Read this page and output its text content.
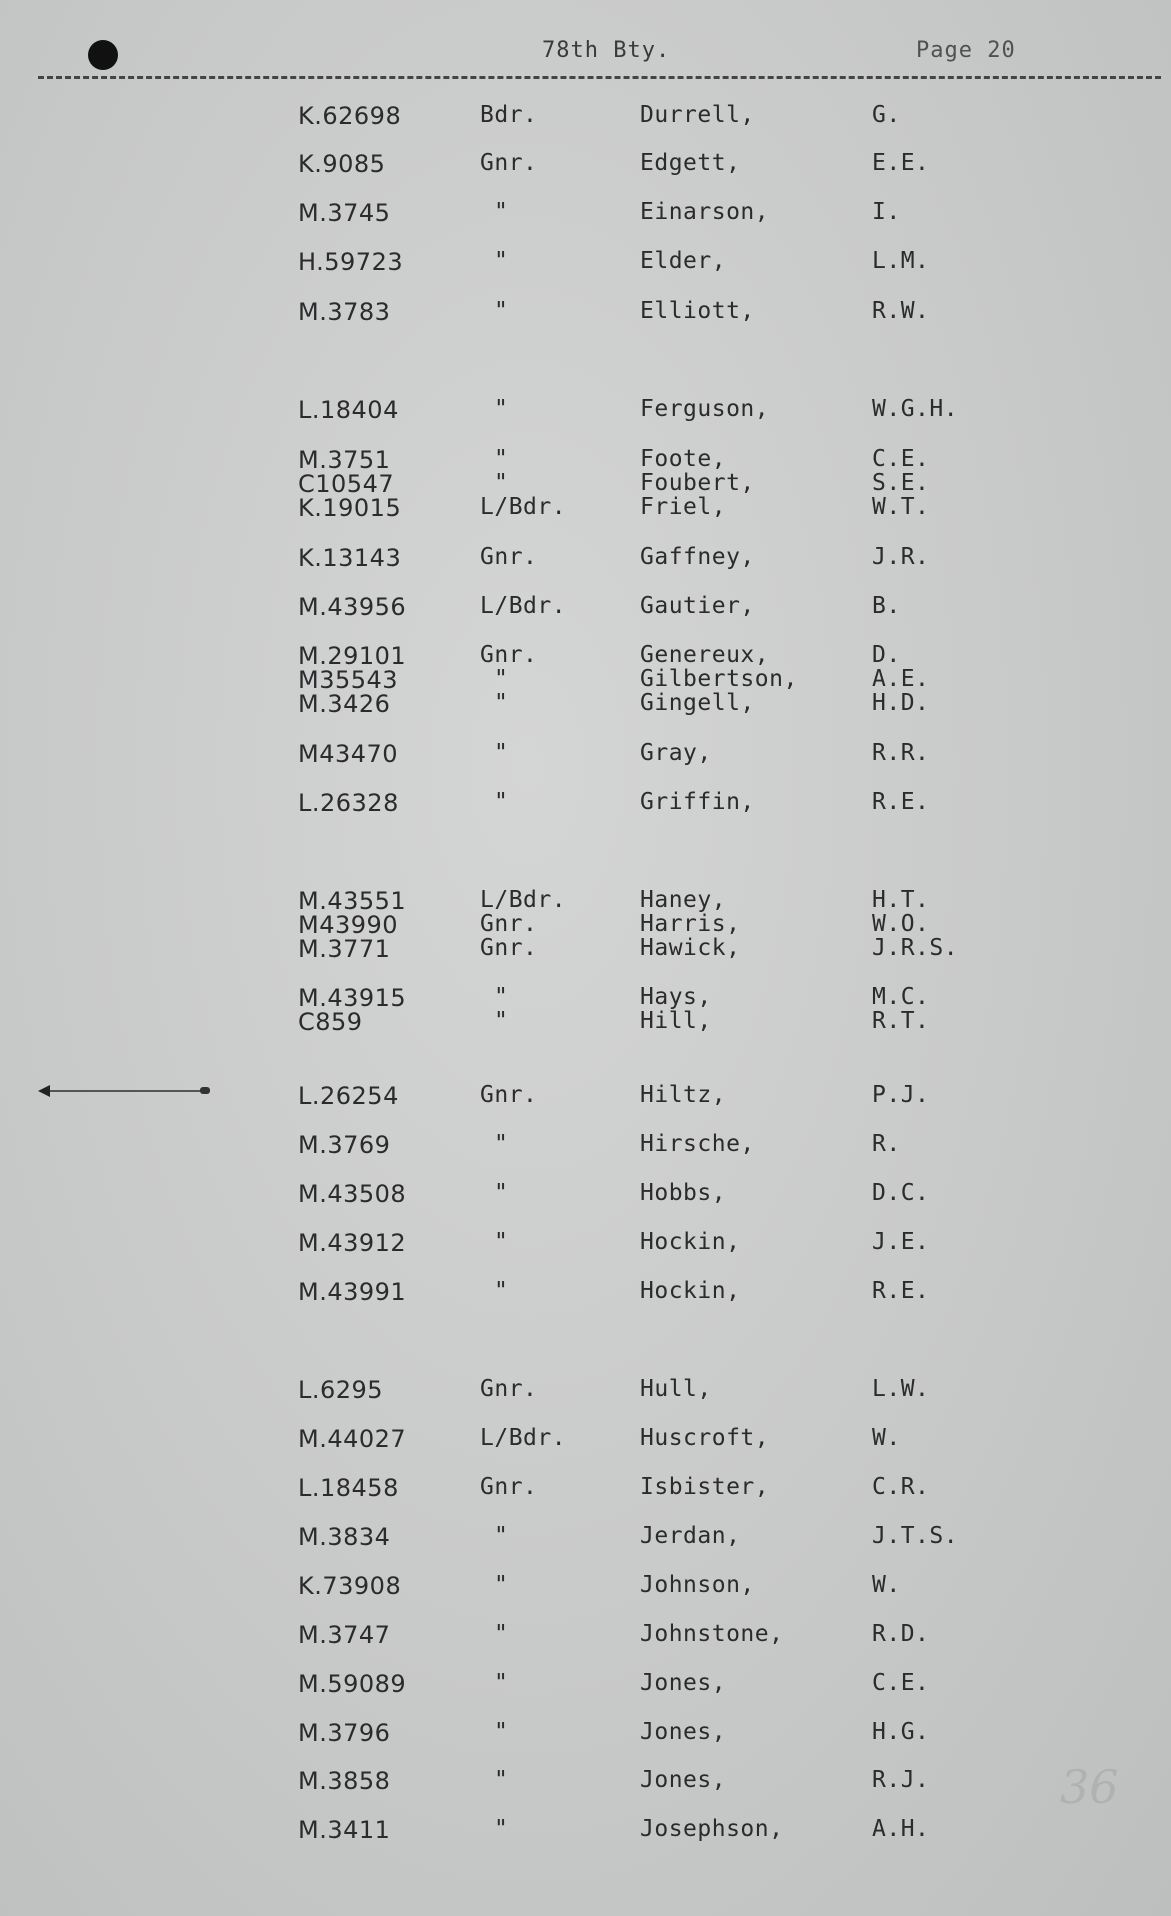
78th Bty.	Page 20
K.62698	Bdr.	Durrell,	G.
K.9085	Gnr.	Edgett,	E.E.
M.3745	"	Einarson,	I.
H.59723	"	Elder,	L.M.
M.3783	"	Elliott,	R.W.
L.18404	"	Ferguson,	W.G.H.
M.3751	"	Foote,	C.E.
C10547	"	Foubert,	S.E.
K.19015	L/Bdr.	Friel,	W.T.
K.13143	Gnr.	Gaffney,	J.R.
M.43956	L/Bdr.	Gautier,	B.
M.29101	Gnr.	Genereux,	D.
M35543	"	Gilbertson,	A.E.
M.3426	"	Gingell,	H.D.
M43470	"	Gray,	R.R.
L.26328	"	Griffin,	R.E.
M.43551	L/Bdr.	Haney,	H.T.
M43990	Gnr.	Harris,	W.O.
M.3771	Gnr.	Hawick,	J.R.S.
M.43915	"	Hays,	M.C.
C859	"	Hill,	R.T.
L.26254	Gnr.	Hiltz,	P.J.
M.3769	"	Hirsche,	R.
M.43508	"	Hobbs,	D.C.
M.43912	"	Hockin,	J.E.
M.43991	"	Hockin,	R.E.
L.6295	Gnr.	Hull,	L.W.
M.44027	L/Bdr.	Huscroft,	W.
L.18458	Gnr.	Isbister,	C.R.
M.3834	"	Jerdan,	J.T.S.
K.73908	"	Johnson,	W.
M.3747	"	Johnstone,	R.D.
M.59089	"	Jones,	C.E.
M.3796	"	Jones,	H.G.
M.3858	"	Jones,	R.J.
M.3411	"	Josephson,	A.H.
36
